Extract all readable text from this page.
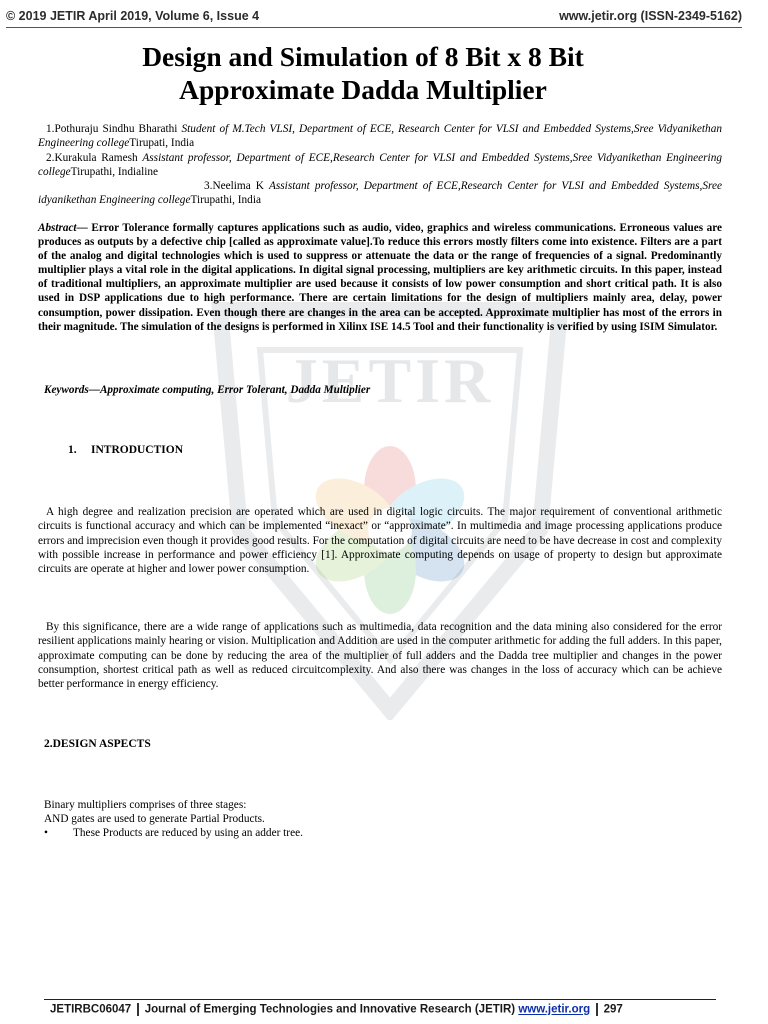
JETIR
© 2019 JETIR April 2019, Volume 6, Issue 4	www.jetir.org (ISSN-2349-5162)
Design and Simulation of 8 Bit x 8 Bit
Approximate Dadda Multiplier

1.Pothuraju Sindhu Bharathi Student of M.Tech VLSI, Department of ECE, Research Center for VLSI and Embedded Systems,Sree Vidyanikethan Engineering collegeTirupati, India

2.Kurakula Ramesh Assistant professor, Department of ECE,Research Center for VLSI and Embedded Systems,Sree Vidyanikethan Engineering collegeTirupathi, Indialine

3.Neelima K Assistant professor, Department of ECE,Research Center for VLSI and Embedded Systems,Sree idyanikethan Engineering collegeTirupathi, India

Abstract— Error Tolerance formally captures applications such as audio, video, graphics and wireless communications. Erroneous values are produces as outputs by a defective chip [called as approximate value].To reduce this errors mostly filters come into existence. Filters are a part of the analog and digital technologies which is used to suppress or attenuate the data or the range of frequencies of a signal. Predominantly multiplier plays a vital role in the digital applications. In digital signal processing, multipliers are key arithmetic circuits. In this paper, instead of traditional multipliers, an approximate multiplier are used because it consists of low power consumption and short critical path. It is also used in DSP applications due to high performance. There are certain limitations for the design of multipliers mainly area, delay, power consumption, power dissipation. Even though there are changes in the area can be accepted. Approximate multiplier has most of the errors in their magnitude. The simulation of the designs is performed in Xilinx ISE 14.5 Tool and their functionality is verified by using ISIM Simulator.

Keywords—Approximate computing, Error Tolerant, Dadda Multiplier

1. INTRODUCTION

A high degree and realization precision are operated which are used in digital logic circuits. The major requirement of conventional arithmetic circuits is functional accuracy and which can be implemented “inexact” or “approximate”. In multimedia and image processing applications produce errors and imprecision even though it provides good results. For the computation of digital circuits are need to be have decrease in cost and complexity with possible increase in performance and power efficiency [1]. Approximate computing depends on usage of property to design but approximate circuits are operate at higher and lower power consumption.

By this significance, there are a wide range of applications such as multimedia, data recognition and the data mining also considered for the error resilient applications mainly hearing or vision. Multiplication and Addition are used in the computer arithmetic for adding the full adders. In this paper, approximate computing can be done by reducing the area of the multiplier of full adders and the Dadda tree multiplier and changes in the power consumption, shortest critical path as well as reduced circuitcomplexity. And also there was changes in the loss of accuracy which can be achieve better performance in energy efficiency.

2.DESIGN ASPECTS

Binary multipliers comprises of three stages:

AND gates are used to generate Partial Products.

• These Products are reduced by using an adder tree.

JETIRBC06047 Journal of Emerging Technologies and Innovative Research (JETIR) www.jetir.org 297
